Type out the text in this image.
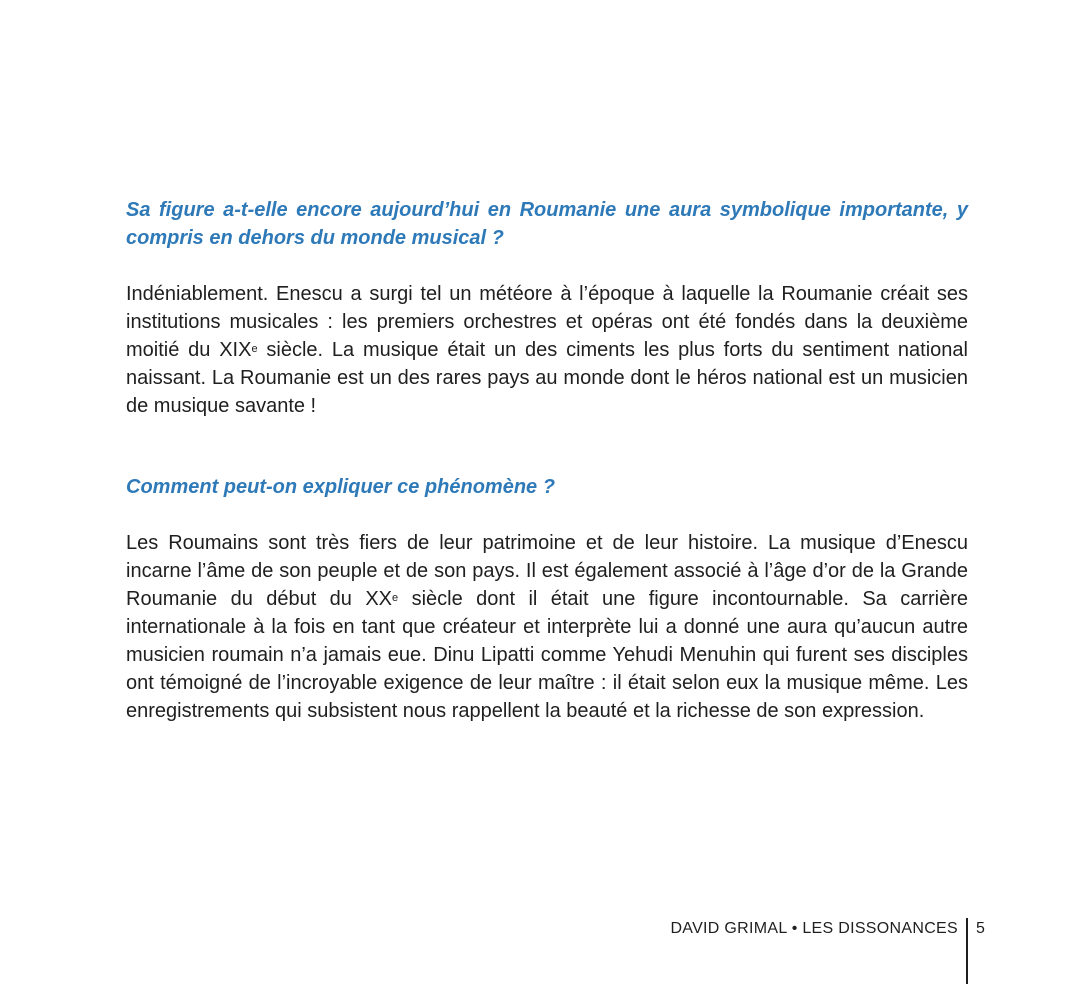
Sa figure a-t-elle encore aujourd’hui en Roumanie une aura symbolique importante, y compris en dehors du monde musical ?

Indéniablement. Enescu a surgi tel un météore à l’époque à laquelle la Roumanie créait ses institutions musicales : les premiers orchestres et opéras ont été fondés dans la deuxième moitié du XIXe siècle. La musique était un des ciments les plus forts du sentiment national naissant. La Roumanie est un des rares pays au monde dont le héros national est un musicien de musique savante !

Comment peut-on expliquer ce phénomène ?

Les Roumains sont très fiers de leur patrimoine et de leur histoire. La musique d’Enescu incarne l’âme de son peuple et de son pays. Il est également associé à l’âge d’or de la Grande Roumanie du début du XXe siècle dont il était une figure incontournable. Sa carrière internationale à la fois en tant que créateur et interprète lui a donné une aura qu’aucun autre musicien roumain n’a jamais eue. Dinu Lipatti comme Yehudi Menuhin qui furent ses disciples ont témoigné de l’incroyable exigence de leur maître : il était selon eux la musique même. Les enregistrements qui subsistent nous rappellent la beauté et la richesse de son expression.

DAVID GRIMAL • LES DISSONANCES 5
